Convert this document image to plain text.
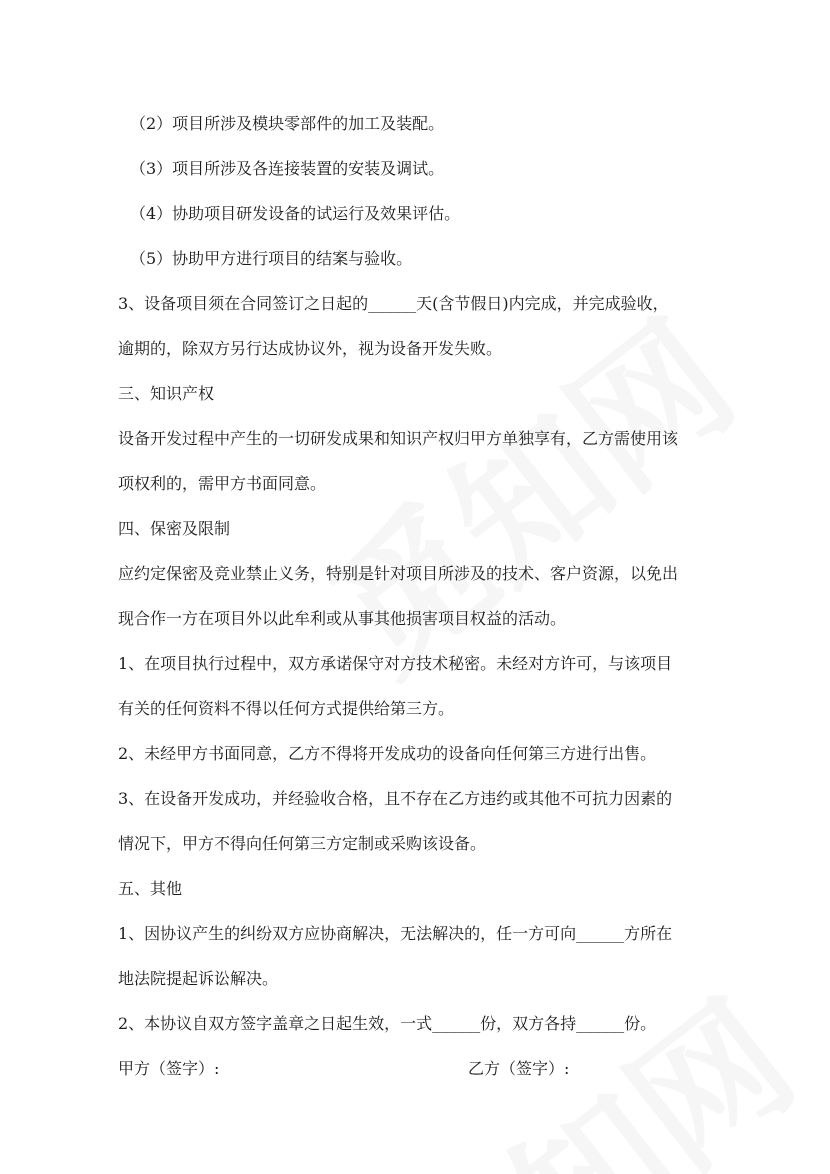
（2）项目所涉及模块零部件的加工及装配。
（3）项目所涉及各连接装置的安装及调试。
（4）协助项目研发设备的试运行及效果评估。
（5）协助甲方进行项目的结案与验收。
3、设备项目须在合同签订之日起的______天(含节假日)内完成，并完成验收，
逾期的，除双方另行达成协议外，视为设备开发失败。
三、知识产权
设备开发过程中产生的一切研发成果和知识产权归甲方单独享有，乙方需使用该
项权利的，需甲方书面同意。
四、保密及限制
应约定保密及竞业禁止义务，特别是针对项目所涉及的技术、客户资源，以免出
现合作一方在项目外以此牟利或从事其他损害项目权益的活动。
1、在项目执行过程中，双方承诺保守对方技术秘密。未经对方许可，与该项目
有关的任何资料不得以任何方式提供给第三方。
2、未经甲方书面同意，乙方不得将开发成功的设备向任何第三方进行出售。
3、在设备开发成功，并经验收合格，且不存在乙方违约或其他不可抗力因素的
情况下，甲方不得向任何第三方定制或采购该设备。
五、其他
1、因协议产生的纠纷双方应协商解决，无法解决的，任一方可向______方所在
地法院提起诉讼解决。
2、本协议自双方签字盖章之日起生效，一式______份，双方各持______份。
甲方（签字）:	乙方（签字）:
